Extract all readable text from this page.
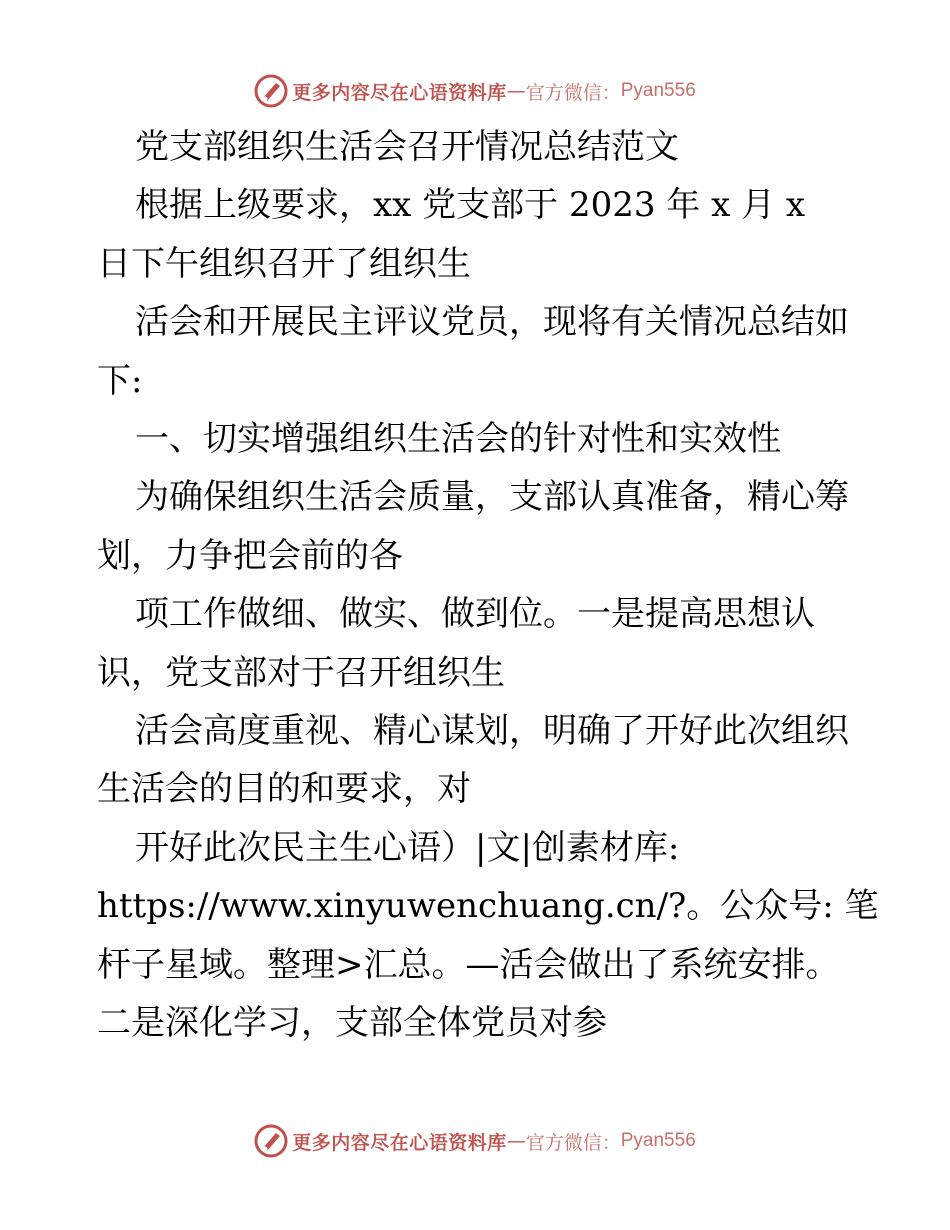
更多内容尽在心语资料库 — 官方微信： Pyan556

党支部组织生活会召开情况总结范文

根据上级要求，xx 党支部于 2023 年 x 月 x

日下午组织召开了组织生

活会和开展民主评议党员，现将有关情况总结如

下:

一、切实增强组织生活会的针对性和实效性

为确保组织生活会质量，支部认真准备，精心筹

划，力争把会前的各

项工作做细、做实、做到位。一是提高思想认

识，党支部对于召开组织生

活会高度重视、精心谋划，明确了开好此次组织

生活会的目的和要求，对

开好此次民主生心语）|文|创素材库:

https://www.xinyuwenchuang.cn/?。公众号: 笔

杆子星域。整理>汇总。—活会做出了系统安排。

二是深化学习，支部全体党员对参

更多内容尽在心语资料库 — 官方微信： Pyan556
